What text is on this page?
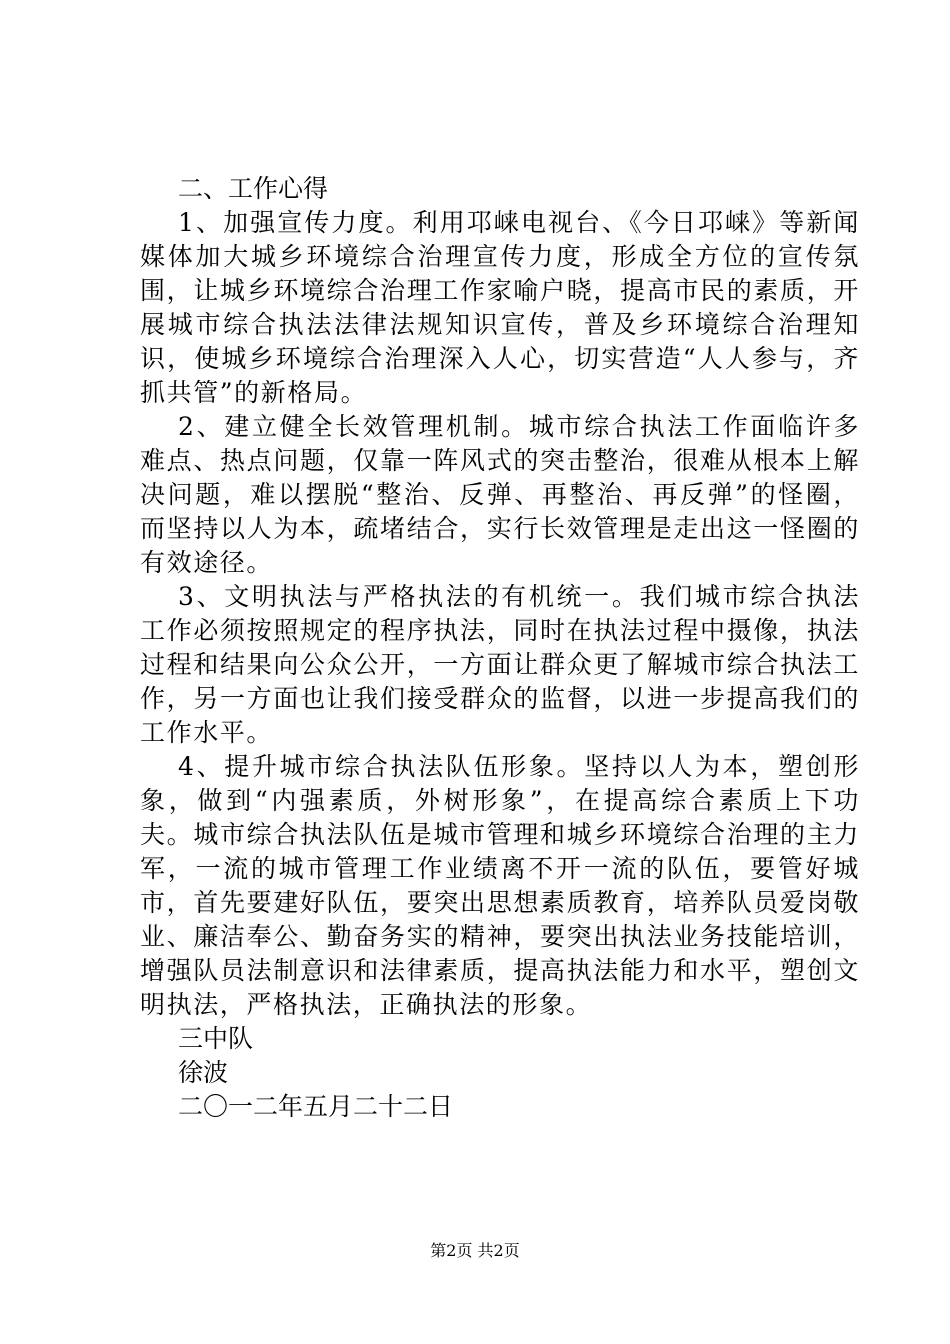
二、工作心得

1、加强宣传力度。利用邛崃电视台、《今日邛崃》等新闻媒体加大城乡环境综合治理宣传力度，形成全方位的宣传氛围，让城乡环境综合治理工作家喻户晓，提高市民的素质，开展城市综合执法法律法规知识宣传，普及乡环境综合治理知识，使城乡环境综合治理深入人心，切实营造“人人参与，齐抓共管”的新格局。

2、建立健全长效管理机制。城市综合执法工作面临许多难点、热点问题，仅靠一阵风式的突击整治，很难从根本上解决问题，难以摆脱“整治、反弹、再整治、再反弹”的怪圈，而坚持以人为本，疏堵结合，实行长效管理是走出这一怪圈的有效途径。

3、文明执法与严格执法的有机统一。我们城市综合执法工作必须按照规定的程序执法，同时在执法过程中摄像，执法过程和结果向公众公开，一方面让群众更了解城市综合执法工作，另一方面也让我们接受群众的监督，以进一步提高我们的工作水平。

4、提升城市综合执法队伍形象。坚持以人为本，塑创形象，做到“内强素质，外树形象”，在提高综合素质上下功夫。城市综合执法队伍是城市管理和城乡环境综合治理的主力军，一流的城市管理工作业绩离不开一流的队伍，要管好城市，首先要建好队伍，要突出思想素质教育，培养队员爱岗敬业、廉洁奉公、勤奋务实的精神，要突出执法业务技能培训，增强队员法制意识和法律素质，提高执法能力和水平，塑创文明执法，严格执法，正确执法的形象。

三中队

徐波

二〇一二年五月二十二日

第2页 共2页
